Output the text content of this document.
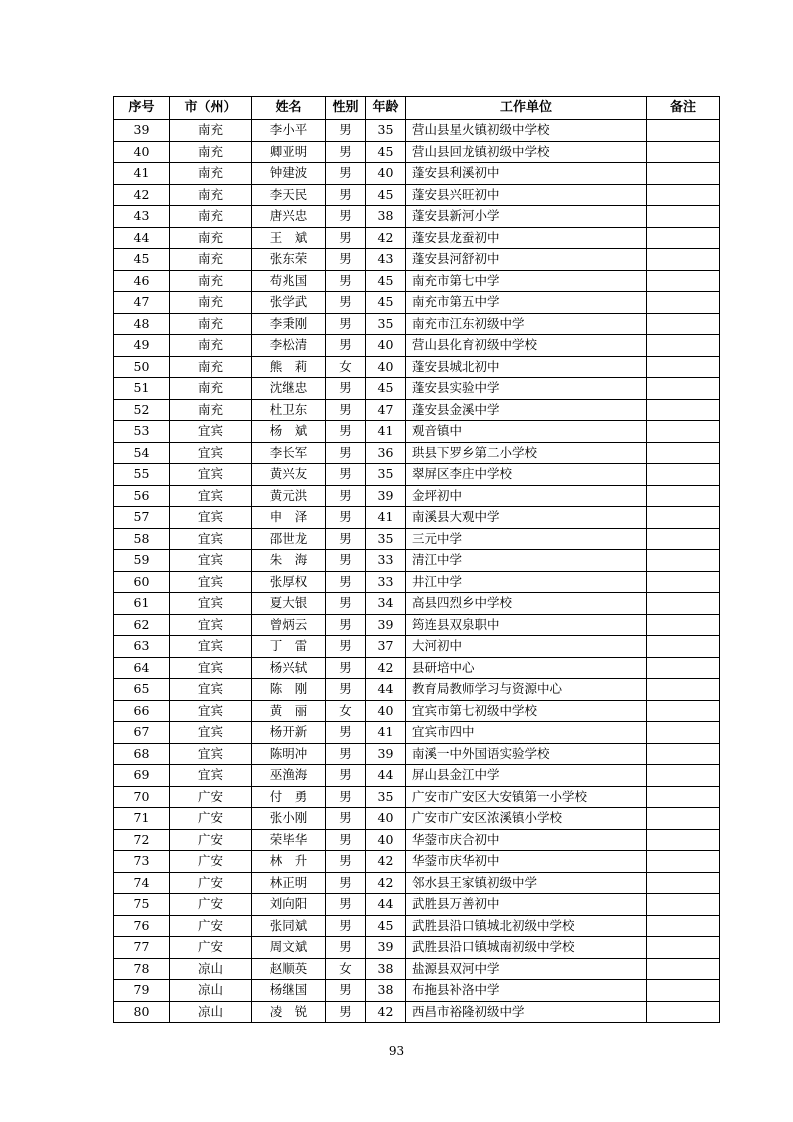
序号	市（州）	姓名	性别	年龄	工作单位	备注
39	南充	李小平	男	35	营山县星火镇初级中学校	
40	南充	卿亚明	男	45	营山县回龙镇初级中学校	
41	南充	钟建波	男	40	蓬安县利溪初中	
42	南充	李天民	男	45	蓬安县兴旺初中	
43	南充	唐兴忠	男	38	蓬安县新河小学	
44	南充	王　斌	男	42	蓬安县龙蚕初中	
45	南充	张东荣	男	43	蓬安县河舒初中	
46	南充	苟兆国	男	45	南充市第七中学	
47	南充	张学武	男	45	南充市第五中学	
48	南充	李秉刚	男	35	南充市江东初级中学	
49	南充	李松清	男	40	营山县化育初级中学校	
50	南充	熊　莉	女	40	蓬安县城北初中	
51	南充	沈继忠	男	45	蓬安县实验中学	
52	南充	杜卫东	男	47	蓬安县金溪中学	
53	宜宾	杨　斌	男	41	观音镇中	
54	宜宾	李长军	男	36	珙县下罗乡第二小学校	
55	宜宾	黄兴友	男	35	翠屏区李庄中学校	
56	宜宾	黄元洪	男	39	金坪初中	
57	宜宾	申　泽	男	41	南溪县大观中学	
58	宜宾	邵世龙	男	35	三元中学	
59	宜宾	朱　海	男	33	清江中学	
60	宜宾	张厚权	男	33	井江中学	
61	宜宾	夏大银	男	34	高县四烈乡中学校	
62	宜宾	曾炳云	男	39	筠连县双泉职中	
63	宜宾	丁　雷	男	37	大河初中	
64	宜宾	杨兴轼	男	42	县研培中心	
65	宜宾	陈　刚	男	44	教育局教师学习与资源中心	
66	宜宾	黄　丽	女	40	宜宾市第七初级中学校	
67	宜宾	杨开新	男	41	宜宾市四中	
68	宜宾	陈明冲	男	39	南溪一中外国语实验学校	
69	宜宾	巫渔海	男	44	屏山县金江中学	
70	广安	付　勇	男	35	广安市广安区大安镇第一小学校	
71	广安	张小刚	男	40	广安市广安区浓溪镇小学校	
72	广安	荣毕华	男	40	华蓥市庆合初中	
73	广安	林　升	男	42	华蓥市庆华初中	
74	广安	林正明	男	42	邻水县王家镇初级中学	
75	广安	刘向阳	男	44	武胜县万善初中	
76	广安	张同斌	男	45	武胜县沿口镇城北初级中学校	
77	广安	周文斌	男	39	武胜县沿口镇城南初级中学校	
78	凉山	赵顺英	女	38	盐源县双河中学	
79	凉山	杨继国	男	38	布拖县补洛中学	
80	凉山	凌　锐	男	42	西昌市裕隆初级中学	
93
